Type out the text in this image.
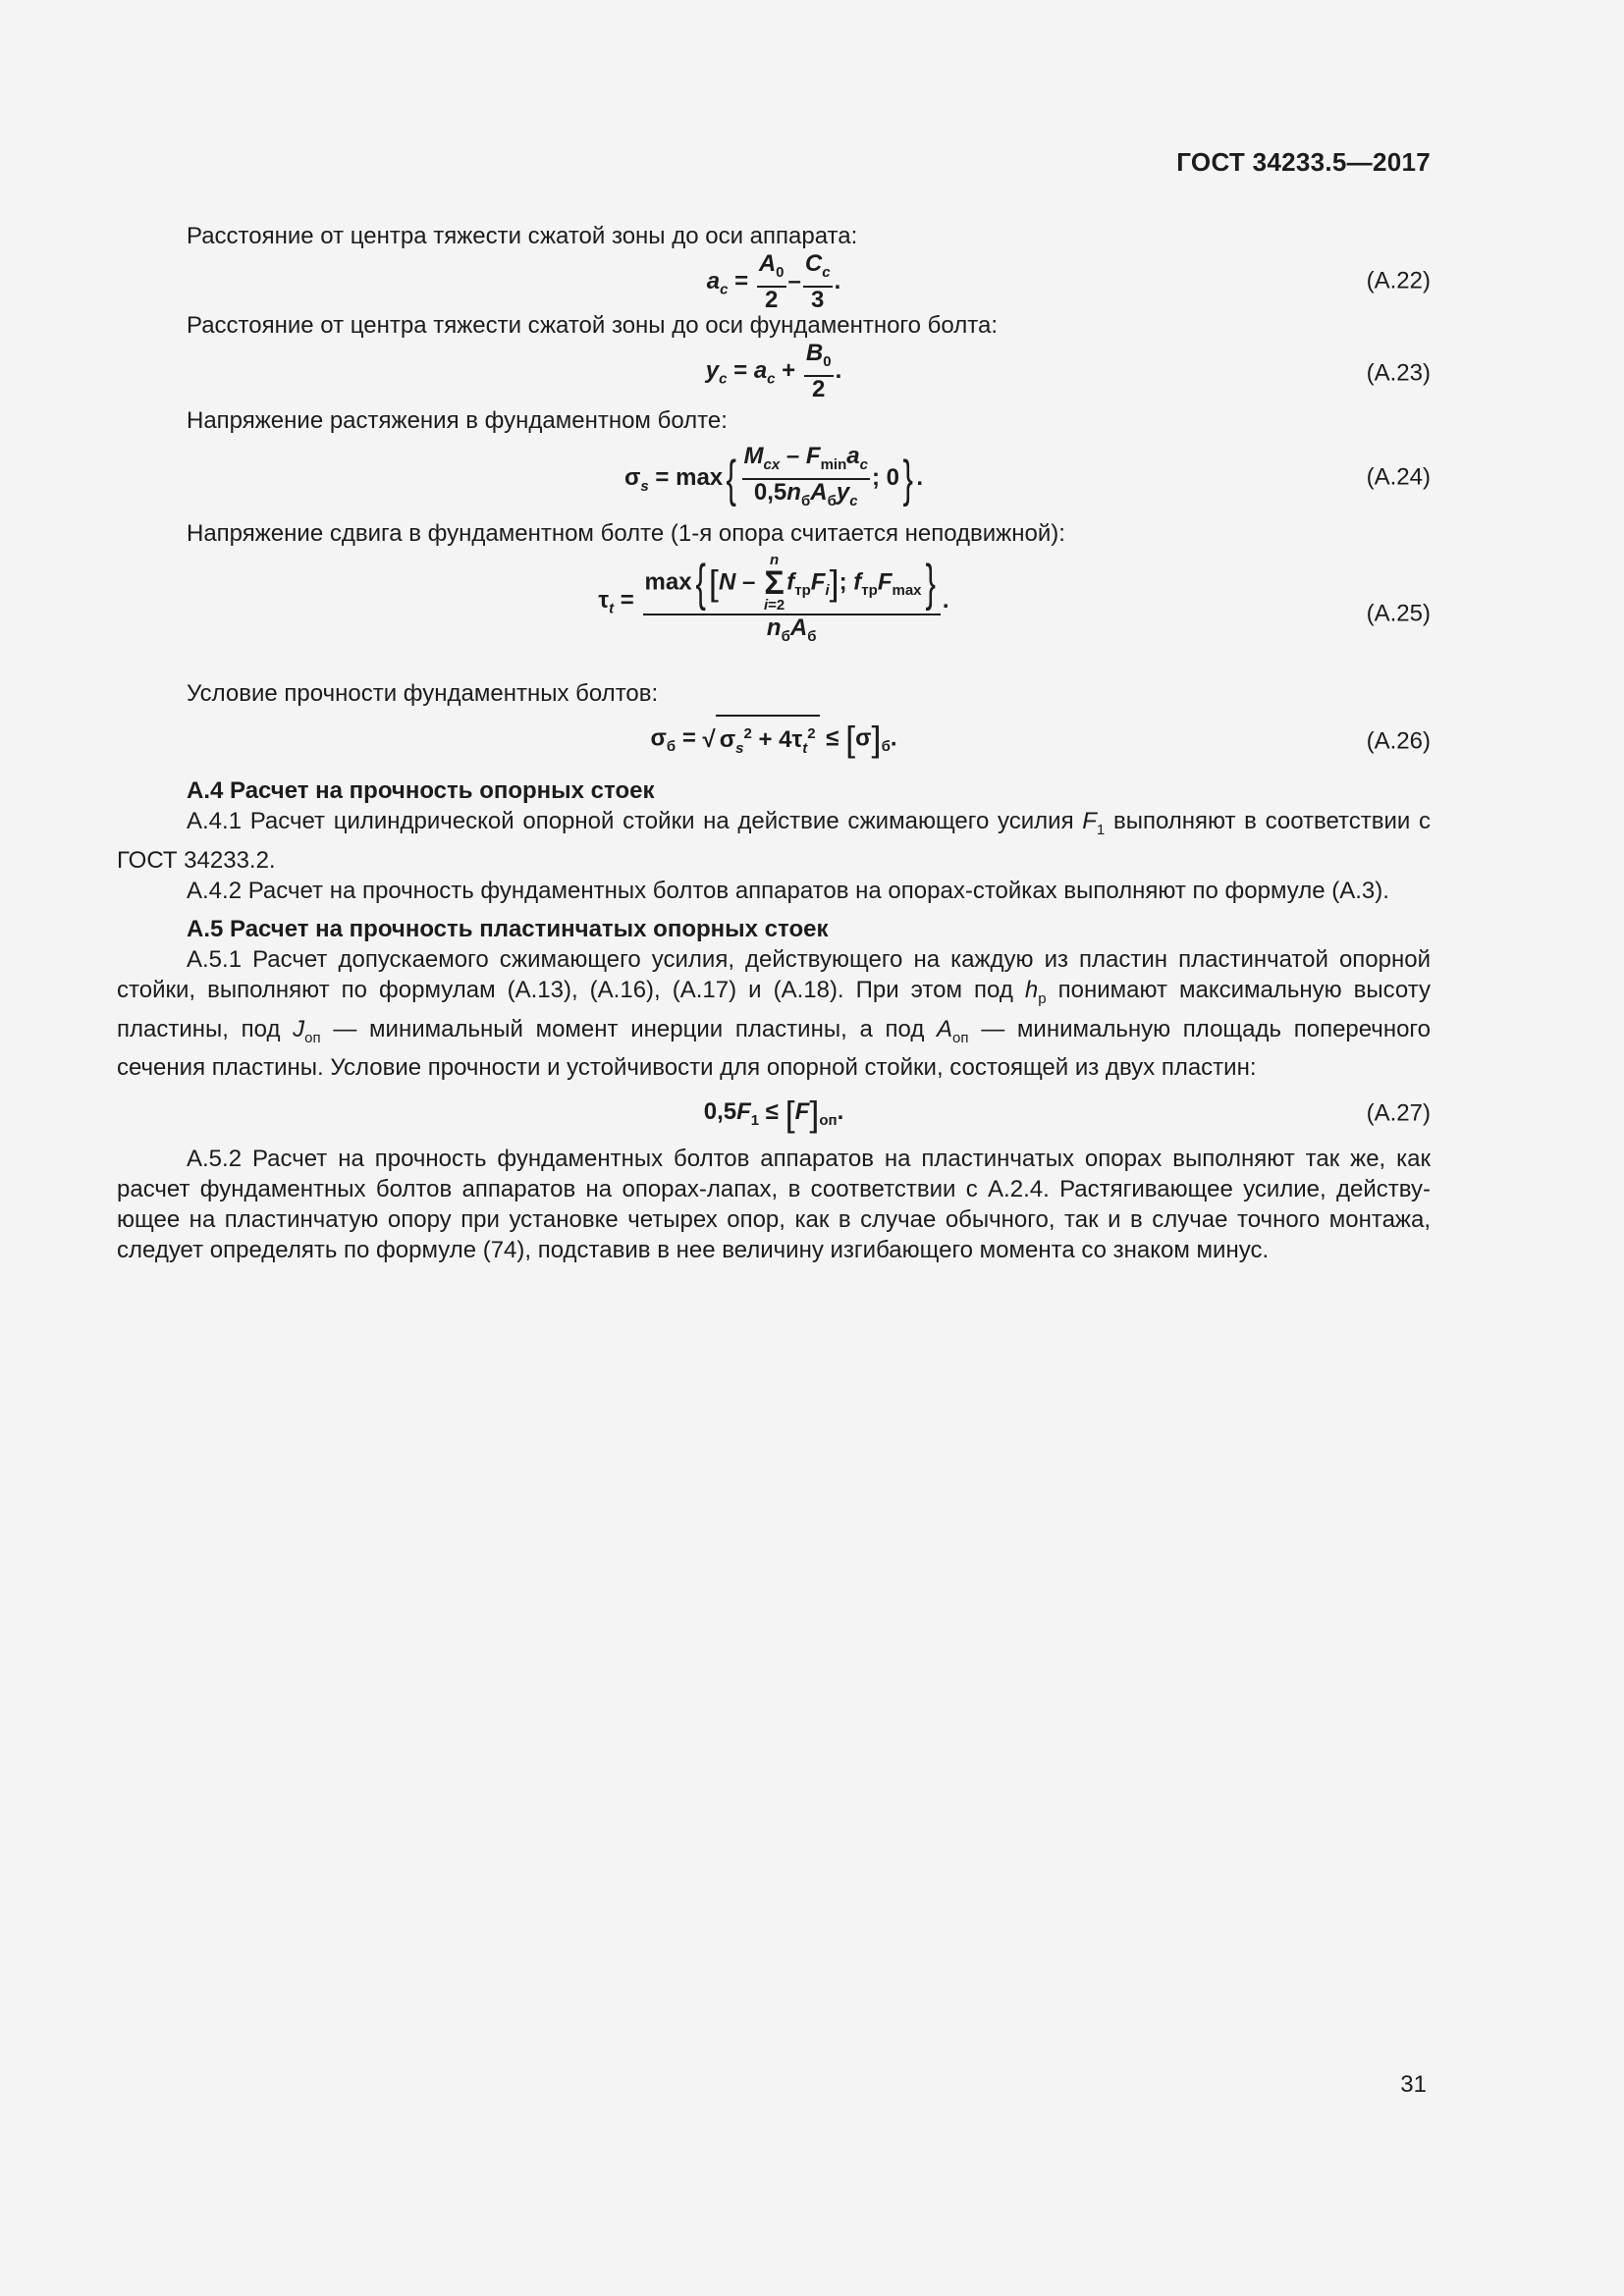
ГОСТ 34233.5—2017

Расстояние от центра тяжести сжатой зоны до оси аппарата:

$a_c = \frac{A_0}{2} - \frac{C_c}{3}$ .	(А.22)

Расстояние от центра тяжести сжатой зоны до оси фундаментного болта:

$y_c = a_c + \frac{B_0}{2}$ .	(А.23)

Напряжение растяжения в фундаментном болте:

$\sigma_s = \max\{ \frac{M_{cx} - F_{min}a_c}{0,5n_бA_бy_c}$ ; 0} .	(А.24)

Напряжение сдвига в фундаментном болте (1-я опора считается неподвижной):

$\tau_t = \max\{[N$ –
n
Σ
i=2
$f_{тр}F_i$]; $f_{тр}F_{max}$}
$n_бA_б$ .
(А.25)

Условие прочности фундаментных болтов:

$\sigma_б$ = √ $\sigma_s^2 + 4\tau_t^2 \le [\sigma]_б$.	(А.26)

А.4 Расчет на прочность опорных стоек

А.4.1 Расчет цилиндрической опорной стойки на действие сжимающего усилия $F_1$ выполняют в соответствии с ГОСТ 34233.2.

А.4.2 Расчет на прочность фундаментных болтов аппаратов на опорах-стойках выполняют по формуле (А.3).

А.5 Расчет на прочность пластинчатых опорных стоек

А.5.1 Расчет допускаемого сжимающего усилия, действующего на каждую из пластин пластинчатой опорной стойки, выполняют по формулам (А.13), (А.16), (А.17) и (А.18). При этом под $h_р$ понимают максимальную высоту пластины, под $J_{оп}$ — минимальный момент инерции пластины, а под $A_{оп}$ — минимальную площадь поперечного сечения пластины. Условие прочности и устойчивости для опорной стойки, состоящей из двух пластин:

$0,5F_1 \le [F]_{оп}$.	(А.27)

А.5.2 Расчет на прочность фундаментных болтов аппаратов на пластинчатых опорах выполняют так же, как расчет фундаментных болтов аппаратов на опорах-лапах, в соответствии с А.2.4. Растягивающее усилие, действу-ющее на пластинчатую опору при установке четырех опор, как в случае обычного, так и в случае точного монтажа, следует определять по формуле (74), подставив в нее величину изгибающего момента со знаком минус.

31
